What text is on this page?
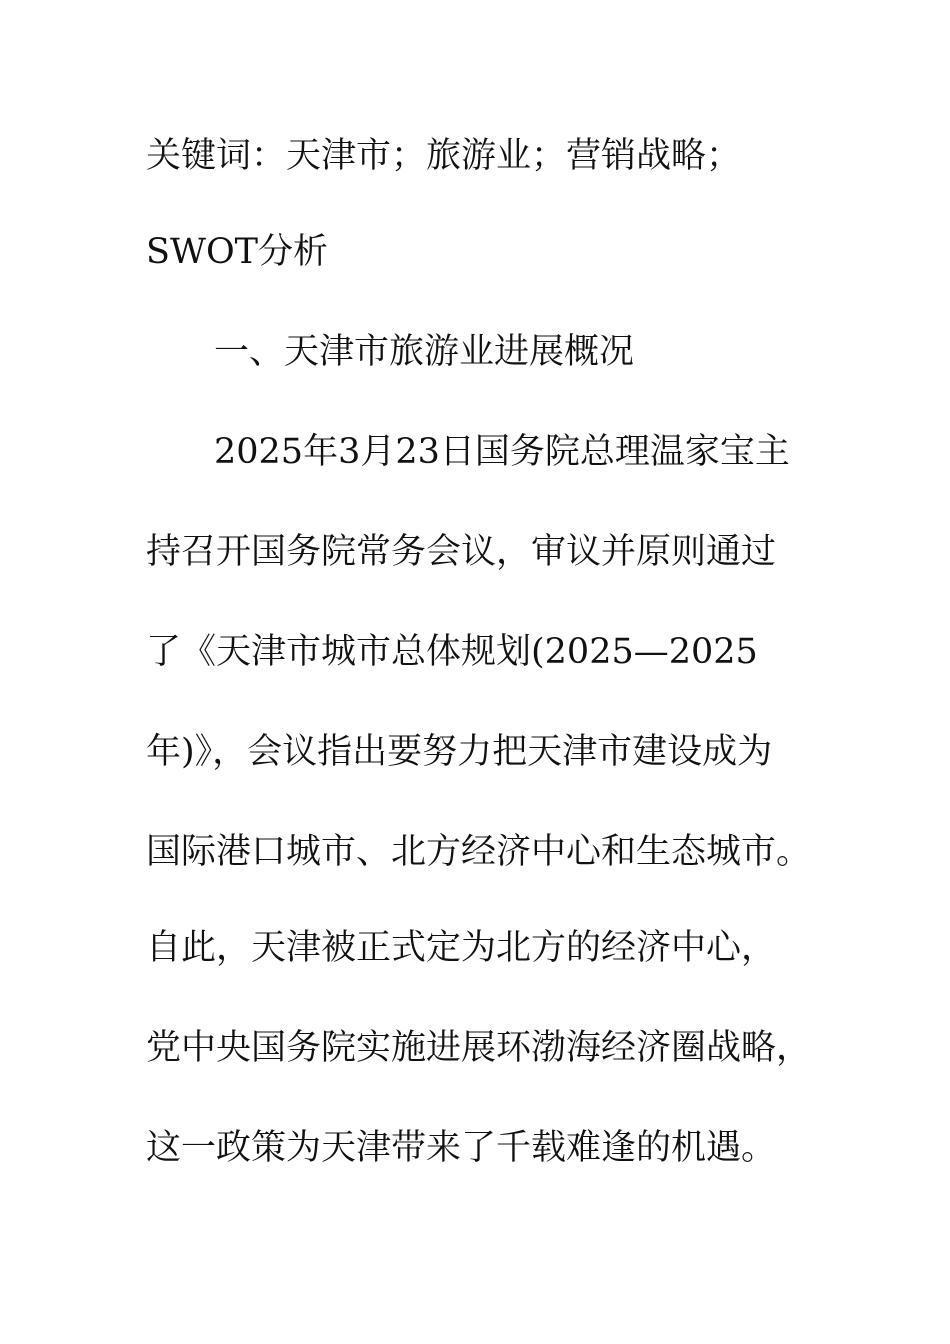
关键词：天津市；旅游业；营销战略；
SWOT分析
一、天津市旅游业进展概况
2025年3月23日国务院总理温家宝主
持召开国务院常务会议，审议并原则通过
了《天津市城市总体规划(2025—2025
年)》，会议指出要努力把天津市建设成为
国际港口城市、北方经济中心和生态城市。
自此，天津被正式定为北方的经济中心，
党中央国务院实施进展环渤海经济圈战略，
这一政策为天津带来了千载难逢的机遇。
